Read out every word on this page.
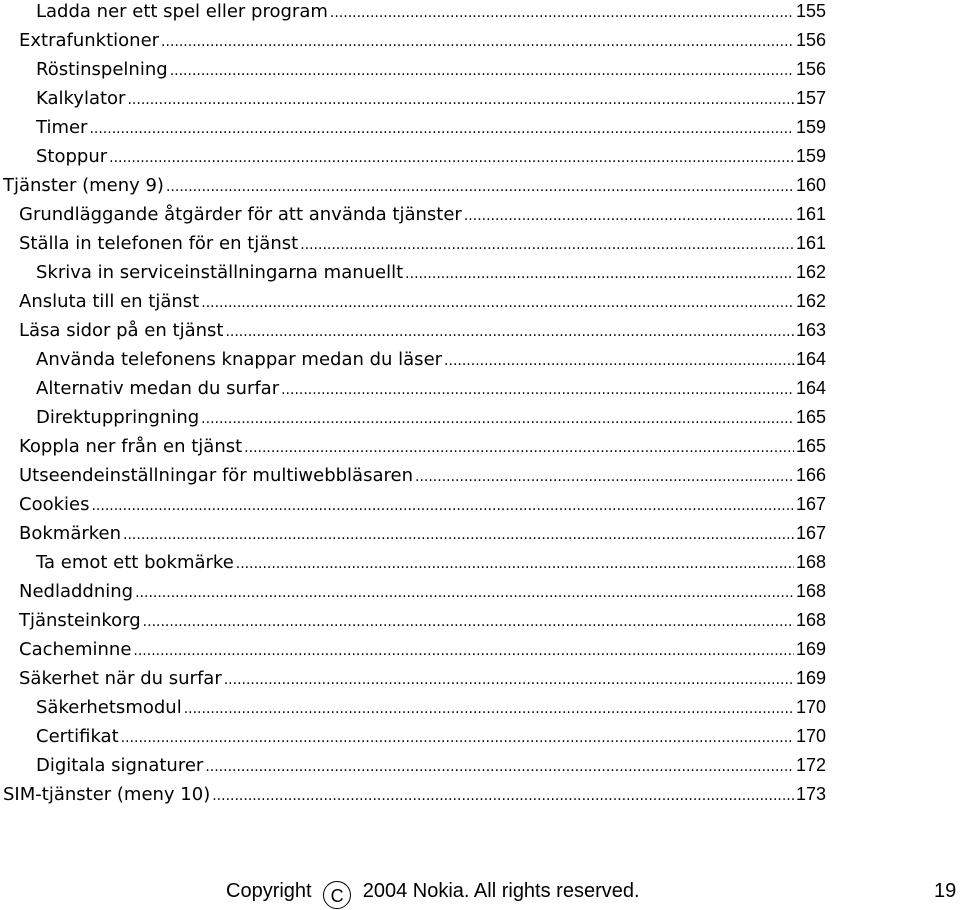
Ladda ner ett spel eller program .....	155
Extrafunktioner .....	156
Röstinspelning .....	156
Kalkylator .....	157
Timer .....	159
Stoppur .....	159
Tjänster (meny 9) .....	160
Grundläggande åtgärder för att använda tjänster .....	161
Ställa in telefonen för en tjänst .....	161
Skriva in serviceinställningarna manuellt .....	162
Ansluta till en tjänst .....	162
Läsa sidor på en tjänst .....	163
Använda telefonens knappar medan du läser .....	164
Alternativ medan du surfar .....	164
Direktuppringning .....	165
Koppla ner från en tjänst .....	165
Utseendeinställningar för multiwebbläsaren .....	166
Cookies .....	167
Bokmärken .....	167
Ta emot ett bokmärke .....	168
Nedladdning .....	168
Tjänsteinkorg .....	168
Cacheminne .....	169
Säkerhet när du surfar .....	169
Säkerhetsmodul .....	170
Certifikat .....	170
Digitala signaturer .....	172
SIM-tjänster (meny 10) .....	173
Copyright C 2004 Nokia. All rights reserved.	19
